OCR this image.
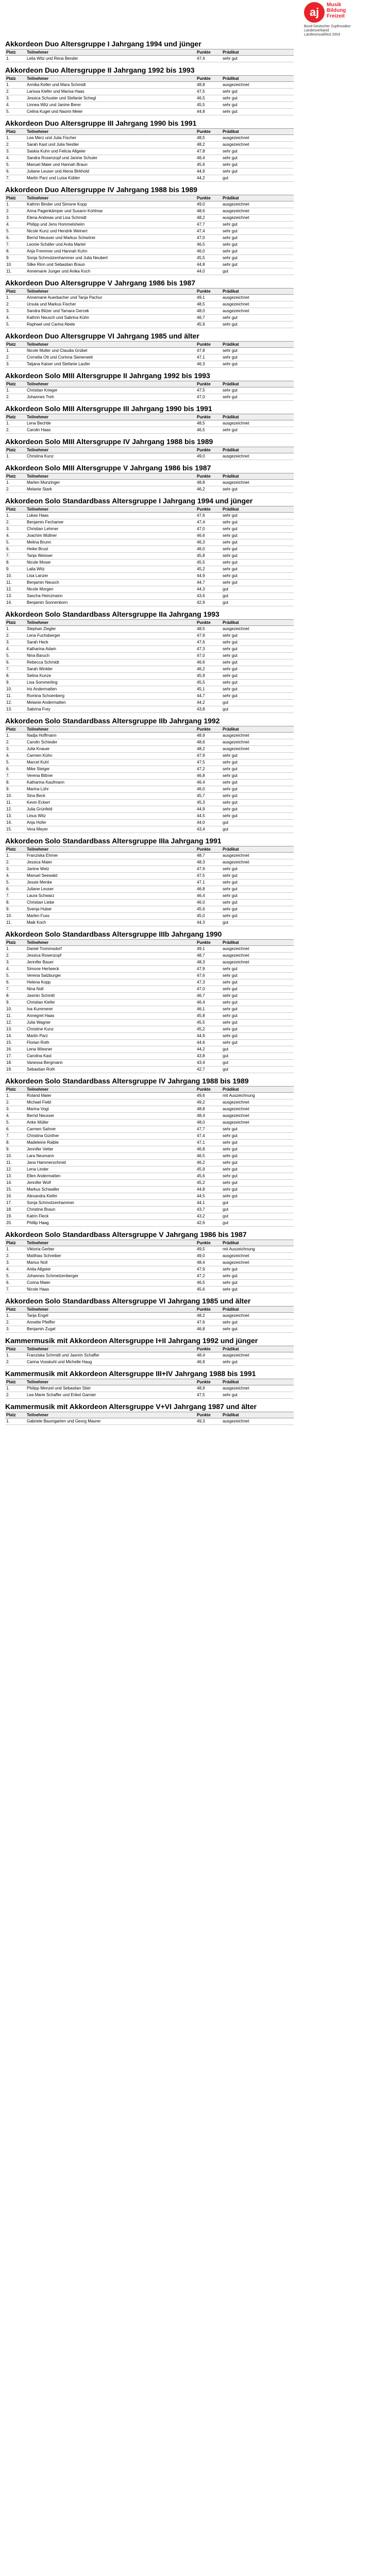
aj
Musik
Bildung
Freizeit
Bund Deutscher Zupfmusiker
Landesverband
Landesmusikfest 2003
Akkordeon Duo Altersgruppe I Jahrgang 1994 und jünger
Platz	Teilnehmer	Punkte	Prädikat
1.	Leila Witz und Rena Bender	47,4	sehr gut
Akkordeon Duo Altersgruppe II Jahrgang 1992 bis 1993
Platz	Teilnehmer	Punkte	Prädikat
1.	Annika Keller und Mara Schmidt	48,8	ausgezeichnet
2.	Larissa Kiefer und Marisa Haas	47,5	sehr gut
3.	Jessica Schuster und Stefanie Schegl	46,5	sehr gut
4.	Linnea Witz und Janine Berer	45,5	sehr gut
5.	Celina Kugel und Naomi Meier	44,8	sehr gut
Akkordeon Duo Altersgruppe III Jahrgang 1990 bis 1991
Platz	Teilnehmer	Punkte	Prädikat
1.	Lea Merz und Julia Fischer	48,5	ausgezeichnet
2.	Sarah Kast und Julia Nestler	48,2	ausgezeichnet
3.	Saskia Kuhn und Felicia Allgeier	47,8	sehr gut
4.	Sandra Rosenzopf und Janine Schuler	46,4	sehr gut
5.	Manuel Maier und Hannah Braun	45,6	sehr gut
6.	Juliane Leuser und Alena Birkhold	44,9	sehr gut
7.	Martin Parz und Luisa Kübler	44,2	gut
Akkordeon Duo Altersgruppe IV Jahrgang 1988 bis 1989
Platz	Teilnehmer	Punkte	Prädikat
1.	Kathrin Binder und Simone Kopp	49,0	ausgezeichnet
2.	Anna Pagenkämper und Susann Kohlmar	48,6	ausgezeichnet
3.	Elena Andreas und Lisa Schmidt	48,2	ausgezeichnet
4.	Philipp und Jens Hommelsheim	47,7	sehr gut
5.	Nicole Kunz und Hendrik Weinert	47,4	sehr gut
6.	Bernd Neusser und Markus Schwörer	47,0	sehr gut
7.	Leonie Schäfer und Anita Martel	46,5	sehr gut
8.	Anja Fremmer und Hannah Kuhn	46,0	sehr gut
9.	Sonja Schmotzenhammer und Julia Neubert	45,5	sehr gut
10.	Silke Rinn und Sebastian Braun	44,8	sehr gut
11.	Annemarie Junger und Anika Koch	44,0	gut
Akkordeon Duo Altersgruppe V Jahrgang 1986 bis 1987
Platz	Teilnehmer	Punkte	Prädikat
1.	Annemarie Auerbacher und Tanja Pachur	49,1	ausgezeichnet
2.	Ursula und Markus Fischer	48,5	ausgezeichnet
3.	Sandra Bitzer und Tamara Gercek	48,0	ausgezeichnet
4.	Kathrin Neusch und Sabrina Kühn	46,7	sehr gut
5.	Raphael und Carina Abele	45,9	sehr gut
Akkordeon Duo Altersgruppe VI Jahrgang 1985 und älter
Platz	Teilnehmer	Punkte	Prädikat
1.	Nicole Muller und Claudia Grübel	47,8	sehr gut
2.	Cornelia Ott und Corinna Sienerweit	47,1	sehr gut
3.	Tatjana Kaiser und Stefanie Laufer	46,3	sehr gut
Akkordeon Solo MIII Altersgruppe II Jahrgang 1992 bis 1993
Platz	Teilnehmer	Punkte	Prädikat
1.	Christian Krieger	47,5	sehr gut
2.	Johannes Treh	47,0	sehr gut
Akkordeon Solo MIII Altersgruppe III Jahrgang 1990 bis 1991
Platz	Teilnehmer	Punkte	Prädikat
1.	Lena Bechtle	48,5	ausgezeichnet
2.	Carolin Haas	46,5	sehr gut
Akkordeon Solo MIII Altersgruppe IV Jahrgang 1988 bis 1989
Platz	Teilnehmer	Punkte	Prädikat
1.	Christina Kunz	49,0	ausgezeichnet
Akkordeon Solo MIII Altersgruppe V Jahrgang 1986 bis 1987
Platz	Teilnehmer	Punkte	Prädikat
1.	Marlen Munzinger	48,8	ausgezeichnet
2.	Melanie Stark	46,2	sehr gut
Akkordeon Solo Standardbass Altersgruppe I Jahrgang 1994 und jünger
Platz	Teilnehmer	Punkte	Prädikat
1.	Lukas Haas	47,6	sehr gut
2.	Benjamin Fechamer	47,4	sehr gut
3.	Christian Lehrner	47,0	sehr gut
4.	Joachim Müllner	46,6	sehr gut
5.	Melina Brunn	46,3	sehr gut
6.	Heike Brust	46,0	sehr gut
7.	Tanja Weisser	45,8	sehr gut
8.	Nicole Moser	45,5	sehr gut
9.	Laila Witz	45,2	sehr gut
10.	Lisa Lanzer	44,9	sehr gut
11.	Benjamin Neusch	44,7	sehr gut
12.	Nicole Morgen	44,3	gut
13.	Sascha Heinzmann	43,6	gut
14.	Benjamin Sonnenborn	42,9	gut
Akkordeon Solo Standardbass Altersgruppe IIa Jahrgang 1993
Platz	Teilnehmer	Punkte	Prädikat
1.	Stephan Ziegler	48,5	ausgezeichnet
2.	Lena Fuchsberger	47,9	sehr gut
3.	Sarah Heck	47,6	sehr gut
4.	Katharina Adam	47,3	sehr gut
5.	Nina Baruch	47,0	sehr gut
6.	Rebecca Schmidt	46,6	sehr gut
7.	Sarah Winkler	46,2	sehr gut
8.	Selina Kunze	45,9	sehr gut
9.	Lisa Sommerling	45,5	sehr gut
10.	Iris Andermatten	45,1	sehr gut
11.	Romina Schoenberg	44,7	sehr gut
12.	Melanie Andermatten	44,2	gut
13.	Sabrina Frey	43,8	gut
Akkordeon Solo Standardbass Altersgruppe IIb Jahrgang 1992
Platz	Teilnehmer	Punkte	Prädikat
1.	Nadja Hoffmann	48,9	ausgezeichnet
2.	Carolin Schieder	48,6	ausgezeichnet
3.	Julia Knauer	48,2	ausgezeichnet
4.	Carmen Kühn	47,9	sehr gut
5.	Marcel Kuhl	47,5	sehr gut
6.	Mike Steiger	47,2	sehr gut
7.	Verena Bittner	46,8	sehr gut
8.	Katharina Kaufmann	46,4	sehr gut
9.	Marina Lühr	46,0	sehr gut
10.	Sina Beck	45,7	sehr gut
11.	Kevin Eckert	45,3	sehr gut
12.	Julia Grünfeld	44,9	sehr gut
13.	Linus Witz	44,5	sehr gut
14.	Anja Hofer	44,0	gut
15.	Vera Meyer	43,4	gut
Akkordeon Solo Standardbass Altersgruppe IIIa Jahrgang 1991
Platz	Teilnehmer	Punkte	Prädikat
1.	Franziska Ehmer	48,7	ausgezeichnet
2.	Jessica Maier	48,3	ausgezeichnet
3.	Janine Welz	47,9	sehr gut
4.	Manuel Seewald	47,5	sehr gut
5.	Jessie Menke	47,1	sehr gut
6.	Juliane Leuser	46,8	sehr gut
7.	Laura Schwarz	46,4	sehr gut
8.	Christian Liebe	46,0	sehr gut
9.	Svenja Huber	45,6	sehr gut
10.	Marlen Fuss	45,0	sehr gut
11.	Maik Koch	44,3	gut
Akkordeon Solo Standardbass Altersgruppe IIIb Jahrgang 1990
Platz	Teilnehmer	Punkte	Prädikat
1.	Daniel Trommsdorf	49,1	ausgezeichnet
2.	Jessica Rosenzopf	48,7	ausgezeichnet
3.	Jennifer Bauer	48,3	ausgezeichnet
4.	Simone Hertweck	47,9	sehr gut
5.	Verena Salzburger	47,6	sehr gut
6.	Helena Kopp	47,3	sehr gut
7.	Nina Noll	47,0	sehr gut
8.	Jasmin Schmitt	46,7	sehr gut
9.	Christian Kiefer	46,4	sehr gut
10.	Ina Kummerer	46,1	sehr gut
11.	Annegret Haas	45,8	sehr gut
12.	Julia Wagner	45,5	sehr gut
13.	Christine Kunz	45,2	sehr gut
14.	Martin Parz	44,9	sehr gut
15.	Florian Roth	44,6	sehr gut
16.	Lena Wiesner	44,2	gut
17.	Carolina Kast	43,8	gut
18.	Vanessa Bergmann	43,4	gut
19.	Sebastian Roth	42,7	gut
Akkordeon Solo Standardbass Altersgruppe IV Jahrgang 1988 bis 1989
Platz	Teilnehmer	Punkte	Prädikat
1.	Roland Maier	49,6	mit Auszeichnung
2.	Michael Fiebl	49,2	ausgezeichnet
3.	Marina Vogt	48,8	ausgezeichnet
4.	Bernd Neusser	48,4	ausgezeichnet
5.	Anke Müller	48,0	ausgezeichnet
6.	Carmen Sahner	47,7	sehr gut
7.	Christina Günther	47,4	sehr gut
8.	Madeleine Raible	47,1	sehr gut
9.	Jennifer Vetter	46,8	sehr gut
10.	Lara Neumann	46,5	sehr gut
11.	Jana Hammerschmid	46,2	sehr gut
12.	Lena Linder	45,9	sehr gut
13.	Ellen Andermatten	45,6	sehr gut
14.	Jennifer Wolf	45,2	sehr gut
15.	Markus Schwaller	44,8	sehr gut
16.	Alexandra Kiefer	44,5	sehr gut
17.	Sonja Schmotzenhammer	44,1	gut
18.	Christine Braun	43,7	gut
19.	Katrin Fleck	43,2	gut
20.	Phillip Haag	42,6	gut
Akkordeon Solo Standardbass Altersgruppe V Jahrgang 1986 bis 1987
Platz	Teilnehmer	Punkte	Prädikat
1.	Viktoria Gerber	49,5	mit Auszeichnung
2.	Matthias Schreiber	49,0	ausgezeichnet
3.	Marius Noll	48,4	ausgezeichnet
4.	Anita Allgeier	47,9	sehr gut
5.	Johannes Schmetzenberger	47,2	sehr gut
6.	Corina Maier	46,5	sehr gut
7.	Nicole Haas	45,6	sehr gut
Akkordeon Solo Standardbass Altersgruppe VI Jahrgang 1985 und älter
Platz	Teilnehmer	Punkte	Prädikat
1.	Tanja Engel	48,2	ausgezeichnet
2.	Annette Pfeiffer	47,6	sehr gut
3.	Benjamin Zugel	46,8	sehr gut
Kammermusik mit Akkordeon Altersgruppe I+II Jahrgang 1992 und jünger
Platz	Teilnehmer	Punkte	Prädikat
1.	Franziska Schmidt und Jasmin Schaffer	48,4	ausgezeichnet
2.	Carina Vosskuhl und Michelle Haug	46,9	sehr gut
Kammermusik mit Akkordeon Altersgruppe III+IV Jahrgang 1988 bis 1991
Platz	Teilnehmer	Punkte	Prädikat
1.	Philipp Menzel und Sebastian Stier	48,9	ausgezeichnet
2.	Lea Marie Schaffer und Erikel Garnier	47,5	sehr gut
Kammermusik mit Akkordeon Altersgruppe V+VI Jahrgang 1987 und älter
Platz	Teilnehmer	Punkte	Prädikat
1.	Gabriele Baumgarten und Georg Maurer	49,3	ausgezeichnet
